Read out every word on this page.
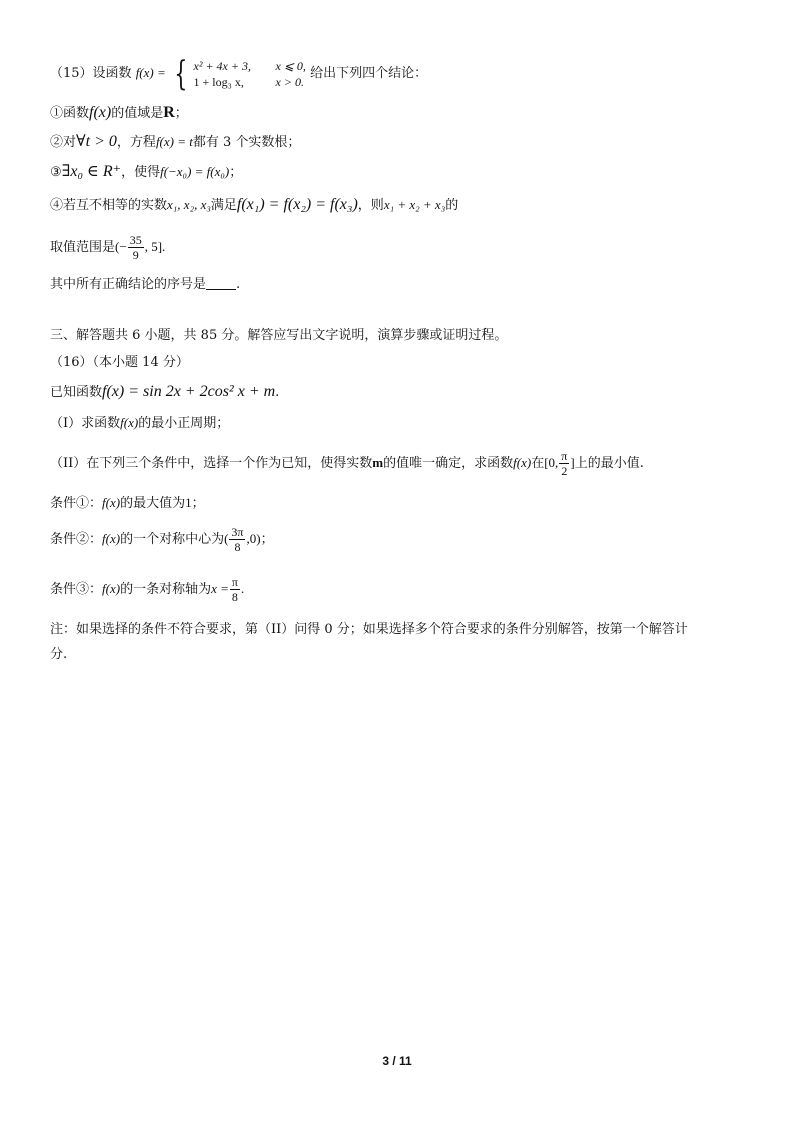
（15）设函数 f(x) = { x² + 4x + 3,	x ⩽ 0,
1 + log₃ x,	x > 0.
给出下列四个结论：
①函数f(x)的值域是R；
②对∀t > 0，方程f(x) = t都有 3 个实数根；
③∃x₀ ∈ R⁺，使得f(−x₀) = f(x₀)；
④若互不相等的实数x₁, x₂, x₃满足f(x₁) = f(x₂) = f(x₃)，则x₁ + x₂ + x₃的
取值范围是(− $\frac{35}{9}$ , 5].
其中所有正确结论的序号是 .
三、解答题共 6 小题，共 85 分。解答应写出文字说明，演算步骤或证明过程。
（16）（本小题 14 分）
已知函数f(x) = sin 2x + 2cos² x + m.
（I）求函数f(x)的最小正周期；
（II）在下列三个条件中，选择一个作为已知，使得实数m的值唯一确定，求函数f(x)在[0, $\frac{\pi}{2}$ ]上的最小值.
条件①：f(x)的最大值为1；
条件②：f(x)的一个对称中心为( $\frac{3\pi}{8} ,0$)；
条件③：f(x)的一条对称轴为$x = \frac{\pi}{8}$ .
注：如果选择的条件不符合要求，第（II）问得 0 分；如果选择多个符合要求的条件分别解答，按第一个解答计
分.
3 / 11
